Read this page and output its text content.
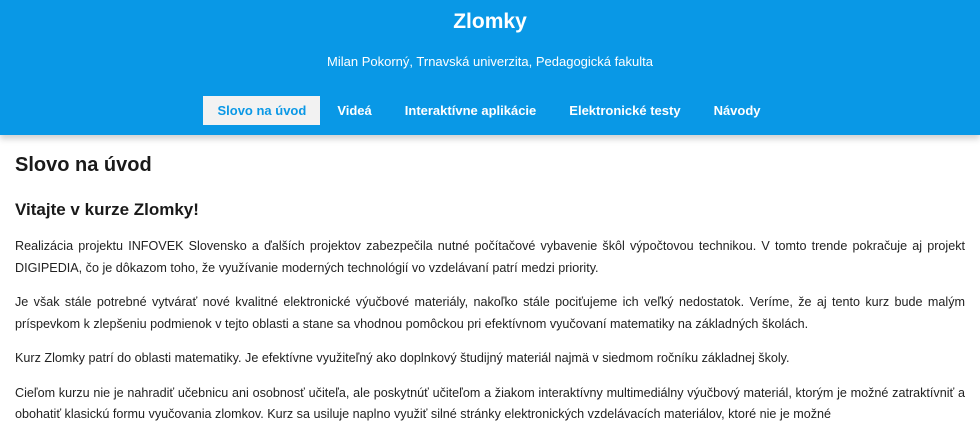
Zlomky
Milan Pokorný, Trnavská univerzita, Pedagogická fakulta
Slovo na úvod	Videá	Interaktívne aplikácie	Elektronické testy	Návody
Slovo na úvod
Vitajte v kurze Zlomky!

Realizácia projektu INFOVEK Slovensko a ďalších projektov zabezpečila nutné počítačové vybavenie škôl výpočtovou technikou. V tomto trende pokračuje aj projekt DIGIPEDIA, čo je dôkazom toho, že využívanie moderných technológií vo vzdelávaní patrí medzi priority.

Je však stále potrebné vytvárať nové kvalitné elektronické výučbové materiály, nakoľko stále pociťujeme ich veľký nedostatok. Veríme, že aj tento kurz bude malým príspevkom k zlepšeniu podmienok v tejto oblasti a stane sa vhodnou pomôckou pri efektívnom vyučovaní matematiky na základných školách.

Kurz Zlomky patrí do oblasti matematiky. Je efektívne využiteľný ako doplnkový študijný materiál najmä v siedmom ročníku základnej školy.

Cieľom kurzu nie je nahradiť učebnicu ani osobnosť učiteľa, ale poskytnúť učiteľom a žiakom interaktívny multimediálny výučbový materiál, ktorým je možné zatraktívniť a obohatiť klasickú formu vyučovania zlomkov. Kurz sa usiluje naplno využiť silné stránky elektronických vzdelávacích materiálov, ktoré nie je možné
